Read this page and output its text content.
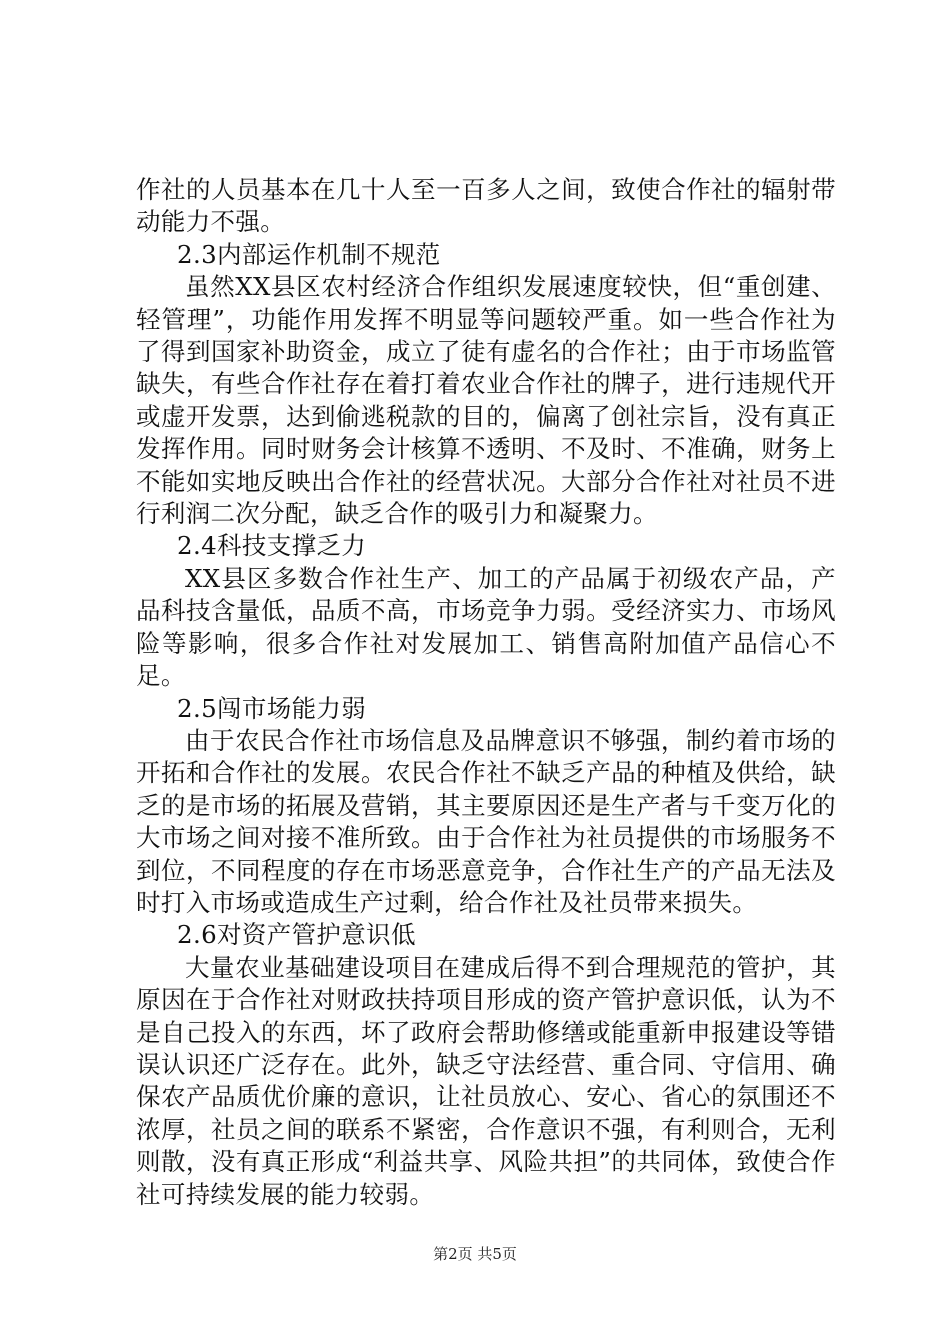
作社的人员基本在几十人至一百多人之间，致使合作社的辐射带动能力不强。

2.3内部运作机制不规范

虽然XX县区农村经济合作组织发展速度较快，但“重创建、轻管理”，功能作用发挥不明显等问题较严重。如一些合作社为了得到国家补助资金，成立了徒有虚名的合作社；由于市场监管缺失，有些合作社存在着打着农业合作社的牌子，进行违规代开或虚开发票，达到偷逃税款的目的，偏离了创社宗旨，没有真正发挥作用。同时财务会计核算不透明、不及时、不准确，财务上不能如实地反映出合作社的经营状况。大部分合作社对社员不进行利润二次分配，缺乏合作的吸引力和凝聚力。

2.4科技支撑乏力

XX县区多数合作社生产、加工的产品属于初级农产品，产品科技含量低，品质不高，市场竞争力弱。受经济实力、市场风险等影响，很多合作社对发展加工、销售高附加值产品信心不足。

2.5闯市场能力弱

由于农民合作社市场信息及品牌意识不够强，制约着市场的开拓和合作社的发展。农民合作社不缺乏产品的种植及供给，缺乏的是市场的拓展及营销，其主要原因还是生产者与千变万化的大市场之间对接不准所致。由于合作社为社员提供的市场服务不到位，不同程度的存在市场恶意竞争，合作社生产的产品无法及时打入市场或造成生产过剩，给合作社及社员带来损失。

2.6对资产管护意识低

大量农业基础建设项目在建成后得不到合理规范的管护，其原因在于合作社对财政扶持项目形成的资产管护意识低，认为不是自己投入的东西，坏了政府会帮助修缮或能重新申报建设等错误认识还广泛存在。此外，缺乏守法经营、重合同、守信用、确保农产品质优价廉的意识，让社员放心、安心、省心的氛围还不浓厚，社员之间的联系不紧密，合作意识不强，有利则合，无利则散，没有真正形成“利益共享、风险共担”的共同体，致使合作社可持续发展的能力较弱。

第2页 共5页
